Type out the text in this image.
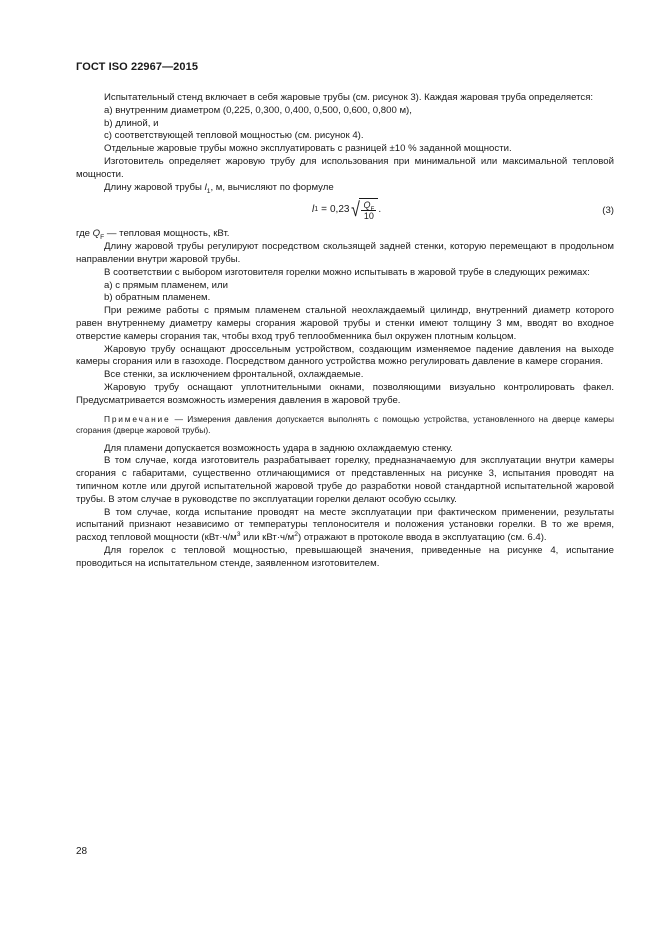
ГОСТ ISO 22967—2015

Испытательный стенд включает в себя жаровые трубы (см. рисунок 3). Каждая жаровая труба определяется:

a) внутренним диаметром (0,225, 0,300, 0,400, 0,500, 0,600, 0,800 м),

b) длиной, и

c) соответствующей тепловой мощностью (см. рисунок 4).

Отдельные жаровые трубы можно эксплуатировать с разницей ±10 % заданной мощности.

Изготовитель определяет жаровую трубу для использования при минимальной или максимальной тепловой мощности.

Длину жаровой трубы $l_1$, м, вычисляют по формуле

l 1 = 0,23 √ $\frac{Q_F}{10}$ .	(3)

где $Q_F$ — тепловая мощность, кВт.

Длину жаровой трубы регулируют посредством скользящей задней стенки, которую перемещают в продольном направлении внутри жаровой трубы.

В соответствии с выбором изготовителя горелки можно испытывать в жаровой трубе в следующих режимах:

a) с прямым пламенем, или

b) обратным пламенем.

При режиме работы с прямым пламенем стальной неохлаждаемый цилиндр, внутренний диаметр которого равен внутреннему диаметру камеры сгорания жаровой трубы и стенки имеют толщину 3 мм, вводят во входное отверстие камеры сгорания так, чтобы вход труб теплообменника был окружен плотным кольцом.

Жаровую трубу оснащают дроссельным устройством, создающим изменяемое падение давления на выходе камеры сгорания или в газоходе. Посредством данного устройства можно регулировать давление в камере сгорания.

Все стенки, за исключением фронтальной, охлаждаемые.

Жаровую трубу оснащают уплотнительными окнами, позволяющими визуально контролировать факел. Предусматривается возможность измерения давления в жаровой трубе.

Примечание — Измерения давления допускается выполнять с помощью устройства, установленного на дверце камеры сгорания (дверце жаровой трубы).

Для пламени допускается возможность удара в заднюю охлаждаемую стенку.

В том случае, когда изготовитель разрабатывает горелку, предназначаемую для эксплуатации внутри камеры сгорания с габаритами, существенно отличающимися от представленных на рисунке 3, испытания проводят на типичном котле или другой испытательной жаровой трубе до разработки новой стандартной испытательной жаровой трубы. В этом случае в руководстве по эксплуатации горелки делают особую ссылку.

В том случае, когда испытание проводят на месте эксплуатации при фактическом применении, результаты испытаний признают независимо от температуры теплоносителя и положения установки горелки. В то же время, расход тепловой мощности ($кВт\cdot ч/м^3$ или $кВт\cdot ч/м^2$) отражают в протоколе ввода в эксплуатацию (см. 6.4).

Для горелок с тепловой мощностью, превышающей значения, приведенные на рисунке 4, испытание проводиться на испытательном стенде, заявленном изготовителем.

28
